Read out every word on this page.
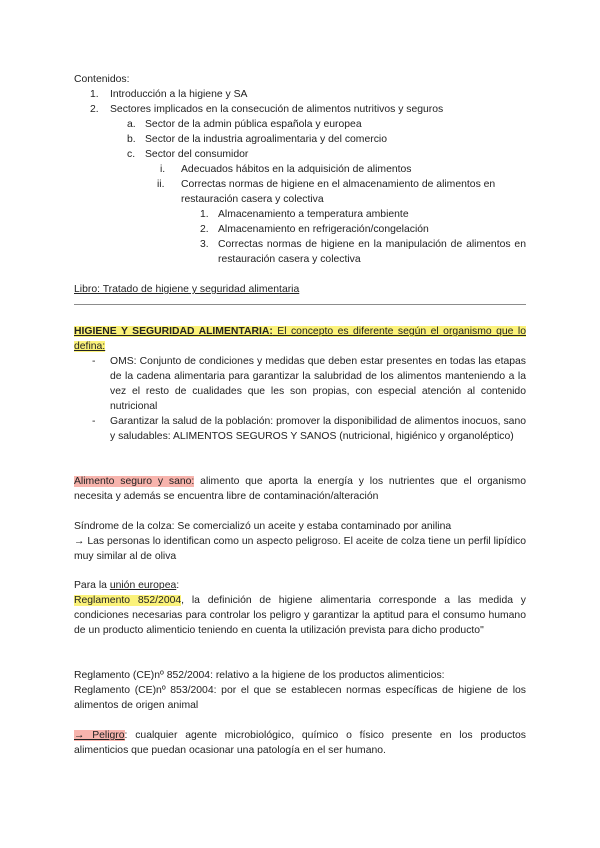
Contenidos:
1. Introducción a la higiene y SA
2. Sectores implicados en la consecución de alimentos nutritivos y seguros
a. Sector de la admin pública española y europea
b. Sector de la industria agroalimentaria y del comercio
c. Sector del consumidor
i. Adecuados hábitos en la adquisición de alimentos
ii. Correctas normas de higiene en el almacenamiento de alimentos en
restauración casera y colectiva
1. Almacenamiento a temperatura ambiente
2. Almacenamiento en refrigeración/congelación
3. Correctas normas de higiene en la manipulación de alimentos en restauración casera y colectiva
Libro: Tratado de higiene y seguridad alimentaria
HIGIENE Y SEGURIDAD ALIMENTARIA: El concepto es diferente según el organismo que lo defina:
- OMS: Conjunto de condiciones y medidas que deben estar presentes en todas las etapas de la cadena alimentaria para garantizar la salubridad de los alimentos manteniendo a la vez el resto de cualidades que les son propias, con especial atención al contenido nutricional
- Garantizar la salud de la población: promover la disponibilidad de alimentos inocuos, sano y saludables: ALIMENTOS SEGUROS Y SANOS (nutricional, higiénico y organoléptico)
Alimento seguro y sano: alimento que aporta la energía y los nutrientes que el organismo necesita y además se encuentra libre de contaminación/alteración
Síndrome de la colza: Se comercializó un aceite y estaba contaminado por anilina
→ Las personas lo identifican como un aspecto peligroso. El aceite de colza tiene un perfil lipídico muy similar al de oliva
Para la unión europea:
Reglamento 852/2004, la definición de higiene alimentaria corresponde a las medida y condiciones necesarias para controlar los peligro y garantizar la aptitud para el consumo humano de un producto alimenticio teniendo en cuenta la utilización prevista para dicho producto"
Reglamento (CE)nº 852/2004: relativo a la higiene de los productos alimenticios:
Reglamento (CE)nº 853/2004: por el que se establecen normas específicas de higiene de los alimentos de origen animal
→ Peligro: cualquier agente microbiológico, químico o físico presente en los productos alimenticios que puedan ocasionar una patología en el ser humano.
